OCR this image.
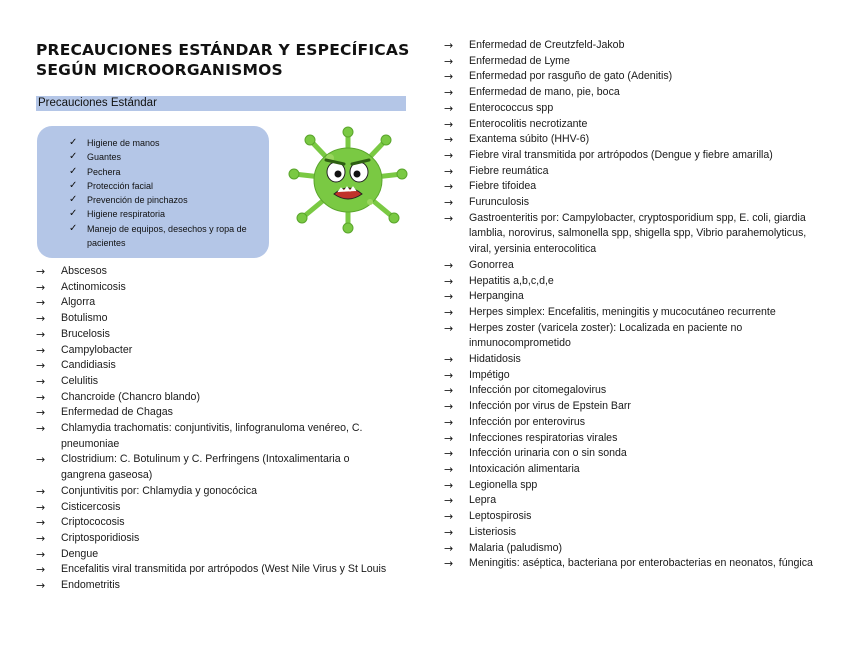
PRECAUCIONES ESTÁNDAR Y ESPECÍFICAS SEGÚN MICROORGANISMOS
Precauciones Estándar
✓ Higiene de manos
✓ Guantes
✓ Pechera
✓ Protección facial
✓ Prevención de pinchazos
✓ Higiene respiratoria
✓ Manejo de equipos, desechos y ropa de pacientes
→ Abscesos
→ Actinomicosis
→ Algorra
→ Botulismo
→ Brucelosis
→ Campylobacter
→ Candidiasis
→ Celulitis
→ Chancroide (Chancro blando)
→ Enfermedad de Chagas
→ Chlamydia trachomatis: conjuntivitis, linfogranuloma venéreo, C. pneumoniae
→ Clostridium: C. Botulinum y C. Perfringens (Intoxalimentaria o gangrena gaseosa)
→ Conjuntivitis por: Chlamydia y gonocócica
→ Cisticercosis
→ Criptococosis
→ Criptosporidiosis
→ Dengue
→ Encefalitis viral transmitida por artrópodos (West Nile Virus y St Louis
→ Endometritis
→ Enfermedad de Creutzfeld-Jakob
→ Enfermedad de Lyme
→ Enfermedad por rasguño de gato (Adenitis)
→ Enfermedad de mano, pie, boca
→ Enterococcus spp
→ Enterocolitis necrotizante
→ Exantema súbito (HHV-6)
→ Fiebre viral transmitida por artrópodos (Dengue y fiebre amarilla)
→ Fiebre reumática
→ Fiebre tifoidea
→ Furunculosis
→ Gastroenteritis por: Campylobacter, cryptosporidium spp, E. coli, giardia lamblia, norovirus, salmonella spp, shigella spp, Vibrio parahemolyticus, viral, yersinia enterocolitica
→ Gonorrea
→ Hepatitis a,b,c,d,e
→ Herpangina
→ Herpes simplex: Encefalitis, meningitis y mucocutáneo recurrente
→ Herpes zoster (varicela zoster): Localizada en paciente no inmunocomprometido
→ Hidatidosis
→ Impétigo
→ Infección por citomegalovirus
→ Infección por virus de Epstein Barr
→ Infección por enterovirus
→ Infecciones respiratorias virales
→ Infección urinaria con o sin sonda
→ Intoxicación alimentaria
→ Legionella spp
→ Lepra
→ Leptospirosis
→ Listeriosis
→ Malaria (paludismo)
→ Meningitis: aséptica, bacteriana por enterobacterias en neonatos, fúngica
